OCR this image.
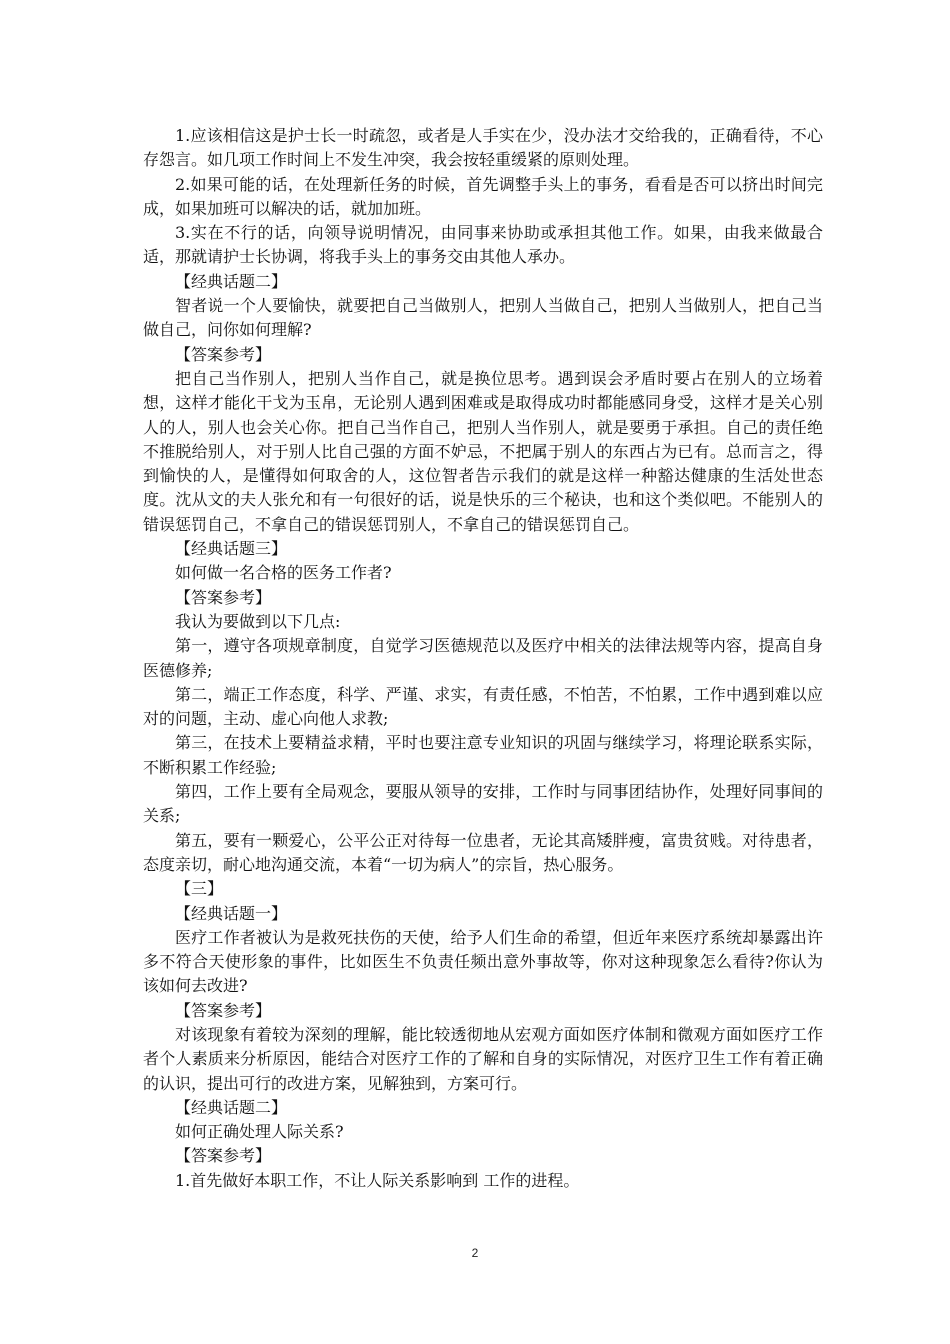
1.应该相信这是护士长一时疏忽，或者是人手实在少，没办法才交给我的，正确看待，不心存怨言。如几项工作时间上不发生冲突，我会按轻重缓紧的原则处理。

2.如果可能的话，在处理新任务的时候，首先调整手头上的事务，看看是否可以挤出时间完成，如果加班可以解决的话，就加加班。

3.实在不行的话，向领导说明情况，由同事来协助或承担其他工作。如果，由我来做最合适，那就请护士长协调，将我手头上的事务交由其他人承办。

【经典话题二】

智者说一个人要愉快，就要把自己当做别人，把别人当做自己，把别人当做别人，把自己当做自己，问你如何理解?

【答案参考】

把自己当作别人，把别人当作自己，就是换位思考。遇到误会矛盾时要占在别人的立场着想，这样才能化干戈为玉帛，无论别人遇到困难或是取得成功时都能感同身受，这样才是关心别人的人，别人也会关心你。把自己当作自己，把别人当作别人，就是要勇于承担。自己的责任绝不推脱给别人，对于别人比自己强的方面不妒忌，不把属于别人的东西占为已有。总而言之，得到愉快的人，是懂得如何取舍的人，这位智者告示我们的就是这样一种豁达健康的生活处世态度。沈从文的夫人张允和有一句很好的话，说是快乐的三个秘诀，也和这个类似吧。不能别人的错误惩罚自己，不拿自己的错误惩罚别人，不拿自己的错误惩罚自己。

【经典话题三】

如何做一名合格的医务工作者?

【答案参考】

我认为要做到以下几点:

第一，遵守各项规章制度，自觉学习医德规范以及医疗中相关的法律法规等内容，提高自身医德修养;

第二，端正工作态度，科学、严谨、求实，有责任感，不怕苦，不怕累，工作中遇到难以应对的问题，主动、虚心向他人求教;

第三，在技术上要精益求精，平时也要注意专业知识的巩固与继续学习，将理论联系实际，不断积累工作经验;

第四，工作上要有全局观念，要服从领导的安排，工作时与同事团结协作，处理好同事间的关系;

第五，要有一颗爱心，公平公正对待每一位患者，无论其高矮胖瘦，富贵贫贱。对待患者，态度亲切，耐心地沟通交流，本着“一切为病人”的宗旨，热心服务。

【三】

【经典话题一】

医疗工作者被认为是救死扶伤的天使，给予人们生命的希望，但近年来医疗系统却暴露出许多不符合天使形象的事件，比如医生不负责任频出意外事故等，你对这种现象怎么看待?你认为该如何去改进?

【答案参考】

对该现象有着较为深刻的理解，能比较透彻地从宏观方面如医疗体制和微观方面如医疗工作者个人素质来分析原因，能结合对医疗工作的了解和自身的实际情况，对医疗卫生工作有着正确的认识，提出可行的改进方案，见解独到，方案可行。

【经典话题二】

如何正确处理人际关系?

【答案参考】

1.首先做好本职工作，不让人际关系影响到 工作的进程。

2
